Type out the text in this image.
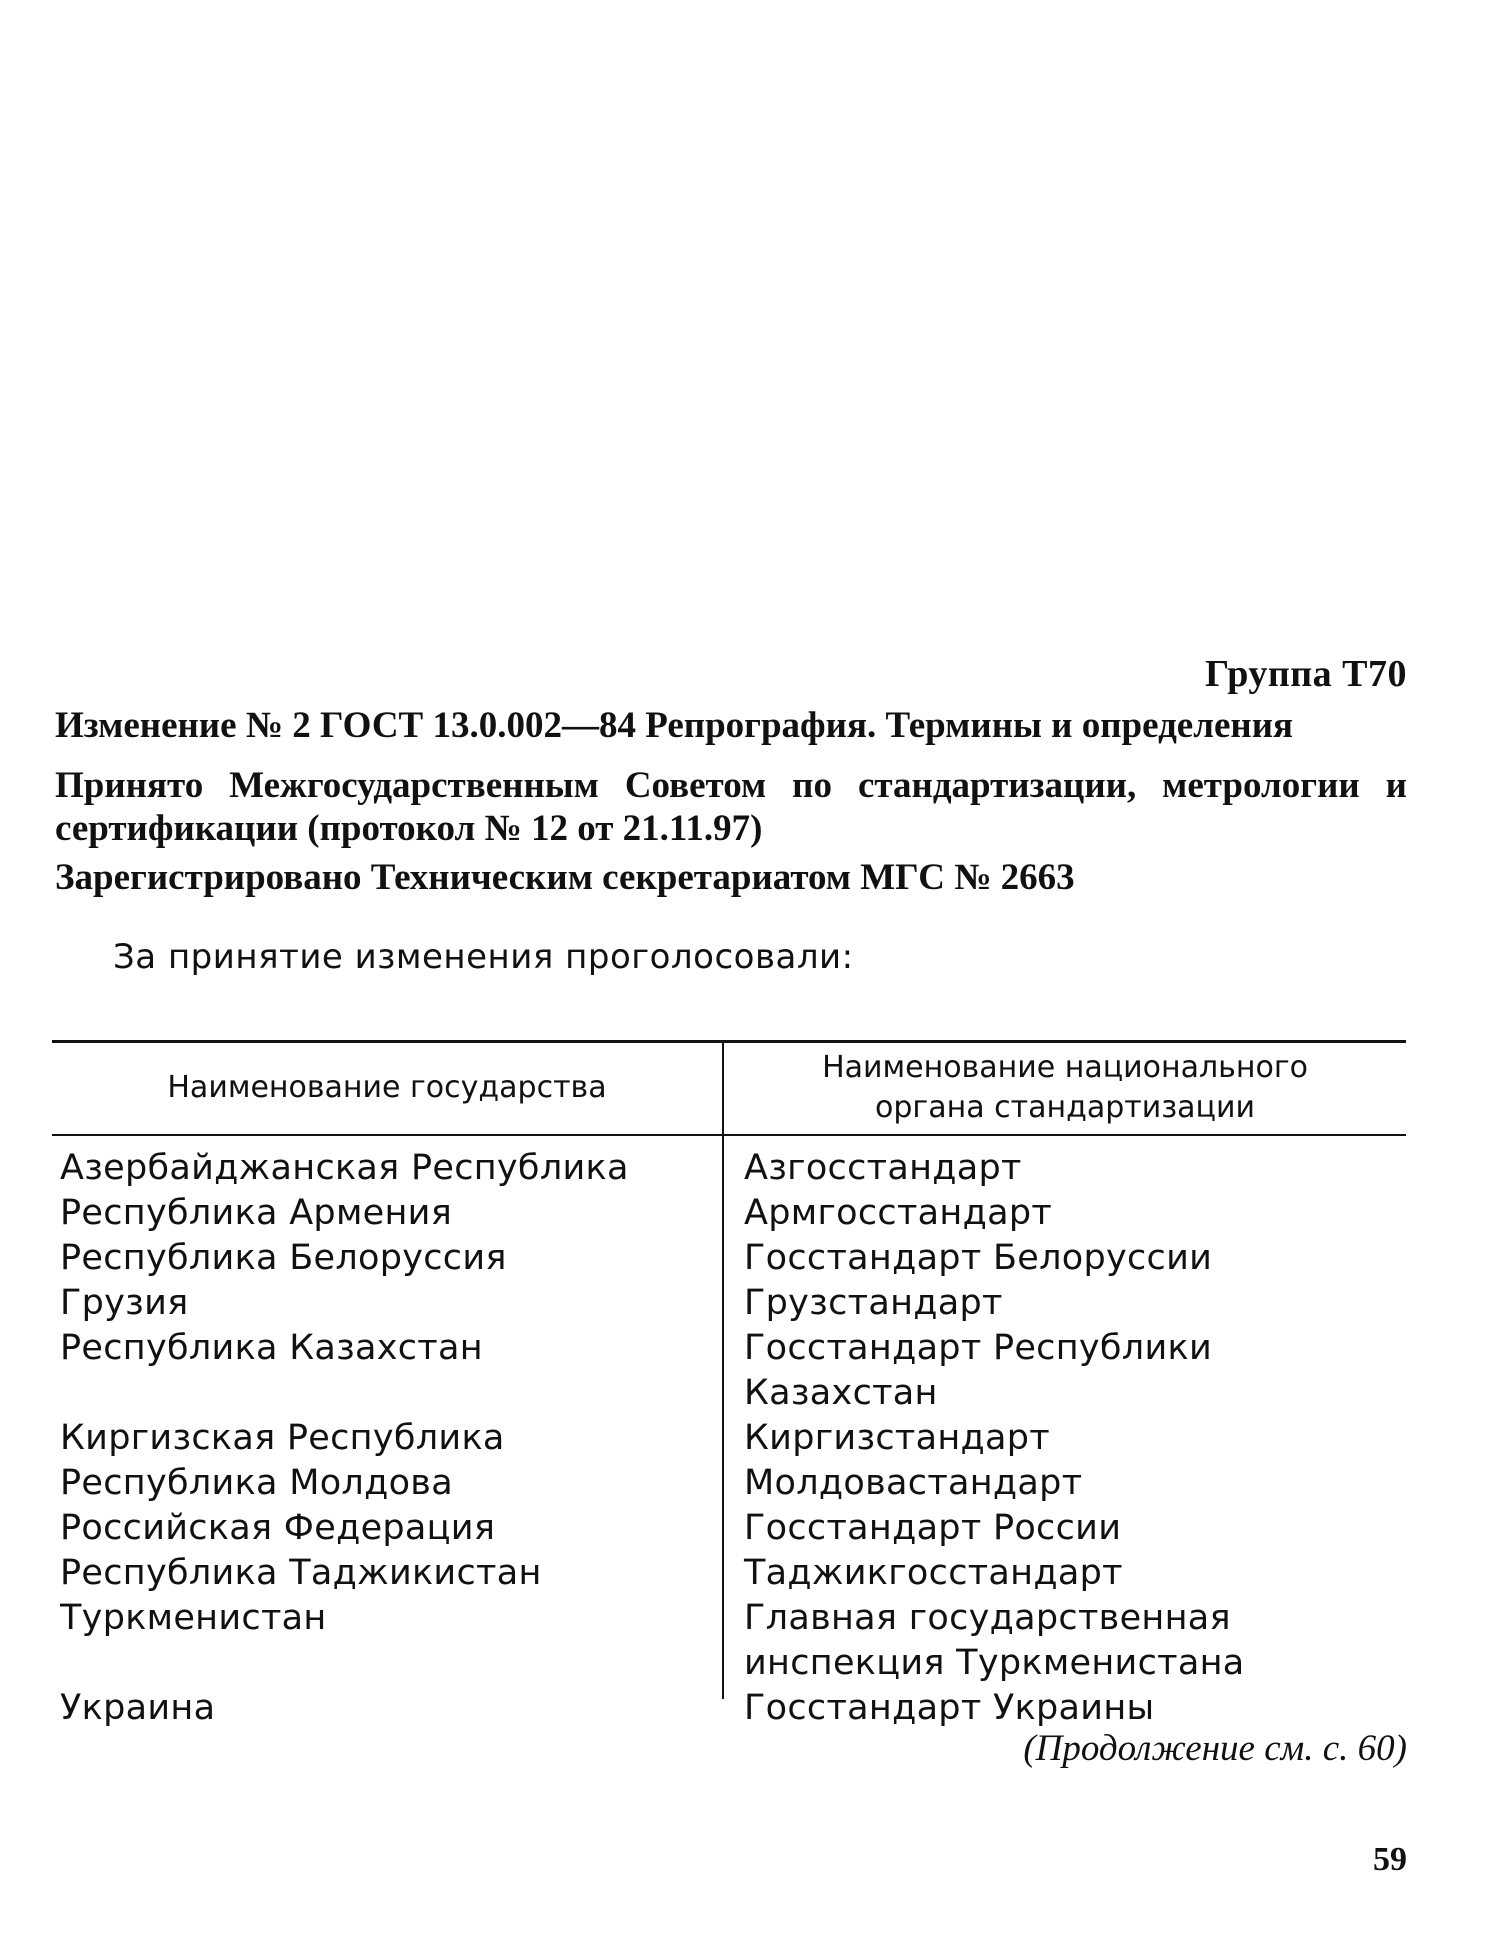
Группа Т70
Изменение № 2 ГОСТ 13.0.002—84 Репрография. Термины и определения
Принято Межгосударственным Советом по стандартизации, метрологии и
сертификации (протокол № 12 от 21.11.97)
Зарегистрировано Техническим секретариатом МГС № 2663
За принятие изменения проголосовали:
Наименование государства
Наименование национального
органа стандартизации
Азербайджанская Республика	Азгосстандарт
Республика Армения	Армгосстандарт
Республика Белоруссия	Госстандарт Белоруссии
Грузия	Грузстандарт
Республика Казахстан	Госстандарт Республики Казахстан
Киргизская Республика	Киргизстандарт
Республика Молдова	Молдовастандарт
Российская Федерация	Госстандарт России
Республика Таджикистан	Таджикгосстандарт
Туркменистан	Главная государственная инспекция Туркменистана
Украина	Госстандарт Украины
(Продолжение см. с. 60)
59
